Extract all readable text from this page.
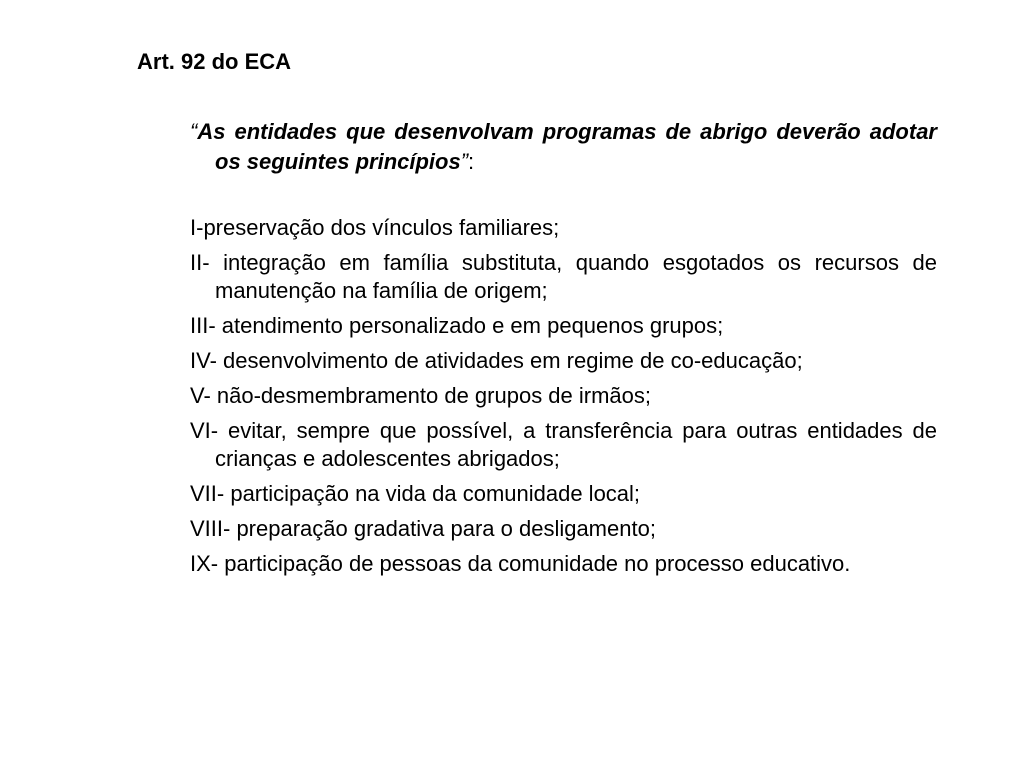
Art. 92 do ECA

“As entidades que desenvolvam programas de abrigo deverão adotar os seguintes princípios”:

I-preservação dos vínculos familiares;
II- integração em família substituta, quando esgotados os recursos de manutenção na família de origem;
III- atendimento personalizado e em pequenos grupos;
IV- desenvolvimento de atividades em regime de co-educação;
V- não-desmembramento de grupos de irmãos;
VI- evitar, sempre que possível, a transferência para outras entidades de crianças e adolescentes abrigados;
VII- participação na vida da comunidade local;
VIII- preparação gradativa para o desligamento;
IX- participação de pessoas da comunidade no processo educativo.
